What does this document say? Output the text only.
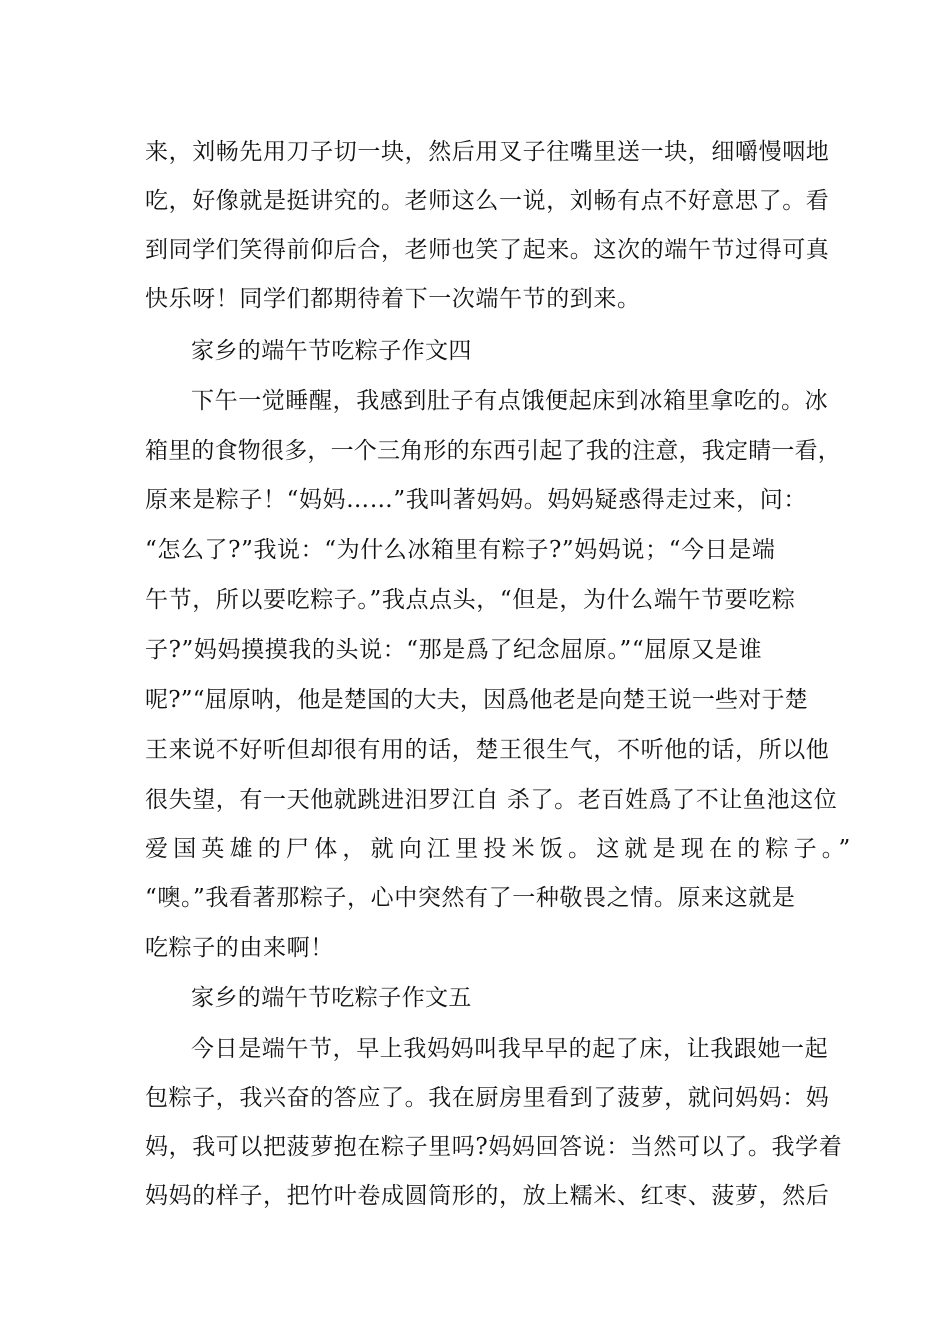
来，刘畅先用刀子切一块，然后用叉子往嘴里送一块，细嚼慢咽地
吃，好像就是挺讲究的。老师这么一说，刘畅有点不好意思了。看
到同学们笑得前仰后合，老师也笑了起来。这次的端午节过得可真
快乐呀！同学们都期待着下一次端午节的到来。
家乡的端午节吃粽子作文四
下午一觉睡醒，我感到肚子有点饿便起床到冰箱里拿吃的。冰
箱里的食物很多，一个三角形的东西引起了我的注意，我定睛一看，
原来是粽子！“妈妈……”我叫著妈妈。妈妈疑惑得走过来，问：
“怎么了?”我说：“为什么冰箱里有粽子?”妈妈说；“今日是端
午节，所以要吃粽子。”我点点头，“但是，为什么端午节要吃粽
子?”妈妈摸摸我的头说：“那是爲了纪念屈原。”“屈原又是谁
呢?”“屈原呐，他是楚国的大夫，因爲他老是向楚王说一些对于楚
王来说不好听但却很有用的话，楚王很生气，不听他的话，所以他
很失望，有一天他就跳进汨罗江自 杀了。老百姓爲了不让鱼池这位
爱国英雄的尸体，就向江里投米饭。这就是现在的粽子。”
“噢。”我看著那粽子，心中突然有了一种敬畏之情。原来这就是
吃粽子的由来啊！
家乡的端午节吃粽子作文五
今日是端午节，早上我妈妈叫我早早的起了床，让我跟她一起
包粽子，我兴奋的答应了。我在厨房里看到了菠萝，就问妈妈：妈
妈，我可以把菠萝抱在粽子里吗?妈妈回答说：当然可以了。我学着
妈妈的样子，把竹叶卷成圆筒形的，放上糯米、红枣、菠萝，然后
